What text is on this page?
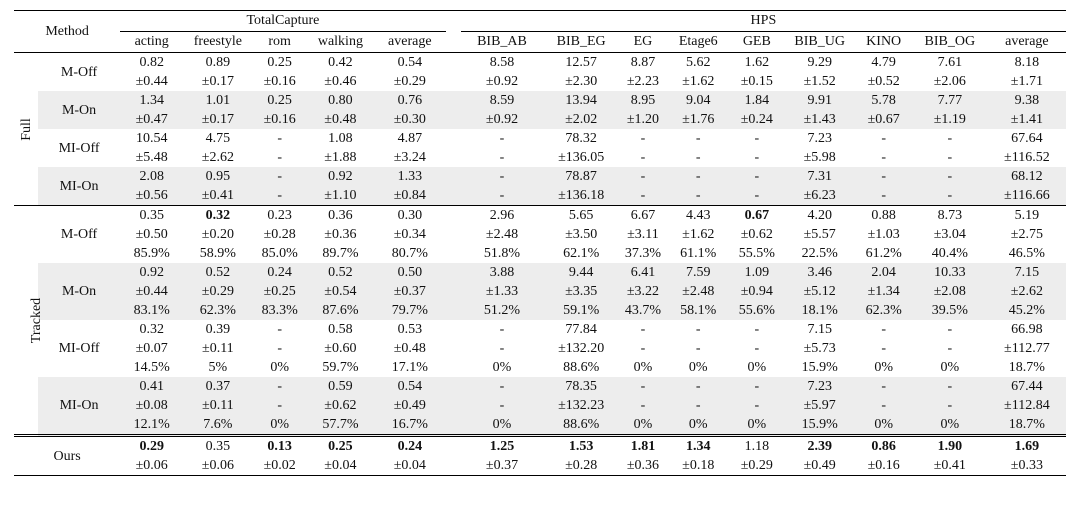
Method		TotalCapture						HPS								
		acting	freestyle	rom	walking	average		BIB_AB	BIB_EG	EG	Etage6	GEB	BIB_UG	KINO	BIB_OG	average
Full	M-Off	0.82	0.89	0.25	0.42	0.54		8.58	12.57	8.87	5.62	1.62	9.29	4.79	7.61	8.18
		±0.44	±0.17	±0.16	±0.46	±0.29		±0.92	±2.30	±2.23	±1.62	±0.15	±1.52	±0.52	±2.06	±1.71
	M-On	1.34	1.01	0.25	0.80	0.76		8.59	13.94	8.95	9.04	1.84	9.91	5.78	7.77	9.38
		±0.47	±0.17	±0.16	±0.48	±0.30		±0.92	±2.02	±1.20	±1.76	±0.24	±1.43	±0.67	±1.19	±1.41
	MI-Off	10.54	4.75	-	1.08	4.87		-	78.32	-	-	-	7.23	-	-	67.64
		±5.48	±2.62	-	±1.88	±3.24		-	±136.05	-	-	-	±5.98	-	-	±116.52
	MI-On	2.08	0.95	-	0.92	1.33		-	78.87	-	-	-	7.31	-	-	68.12
		±0.56	±0.41	-	±1.10	±0.84		-	±136.18	-	-	-	±6.23	-	-	±116.66
Tracked	M-Off	0.35	0.32	0.23	0.36	0.30		2.96	5.65	6.67	4.43	0.67	4.20	0.88	8.73	5.19
		±0.50	±0.20	±0.28	±0.36	±0.34		±2.48	±3.50	±3.11	±1.62	±0.62	±5.57	±1.03	±3.04	±2.75
		85.9%	58.9%	85.0%	89.7%	80.7%		51.8%	62.1%	37.3%	61.1%	55.5%	22.5%	61.2%	40.4%	46.5%
	M-On	0.92	0.52	0.24	0.52	0.50		3.88	9.44	6.41	7.59	1.09	3.46	2.04	10.33	7.15
		±0.44	±0.29	±0.25	±0.54	±0.37		±1.33	±3.35	±3.22	±2.48	±0.94	±5.12	±1.34	±2.08	±2.62
		83.1%	62.3%	83.3%	87.6%	79.7%		51.2%	59.1%	43.7%	58.1%	55.6%	18.1%	62.3%	39.5%	45.2%
	MI-Off	0.32	0.39	-	0.58	0.53		-	77.84	-	-	-	7.15	-	-	66.98
		±0.07	±0.11	-	±0.60	±0.48		-	±132.20	-	-	-	±5.73	-	-	±112.77
		14.5%	5%	0%	59.7%	17.1%		0%	88.6%	0%	0%	0%	15.9%	0%	0%	18.7%
	MI-On	0.41	0.37	-	0.59	0.54		-	78.35	-	-	-	7.23	-	-	67.44
		±0.08	±0.11	-	±0.62	±0.49		-	±132.23	-	-	-	±5.97	-	-	±112.84
		12.1%	7.6%	0%	57.7%	16.7%		0%	88.6%	0%	0%	0%	15.9%	0%	0%	18.7%
Ours		0.29	0.35	0.13	0.25	0.24		1.25	1.53	1.81	1.34	1.18	2.39	0.86	1.90	1.69
		±0.06	±0.06	±0.02	±0.04	±0.04		±0.37	±0.28	±0.36	±0.18	±0.29	±0.49	±0.16	±0.41	±0.33
